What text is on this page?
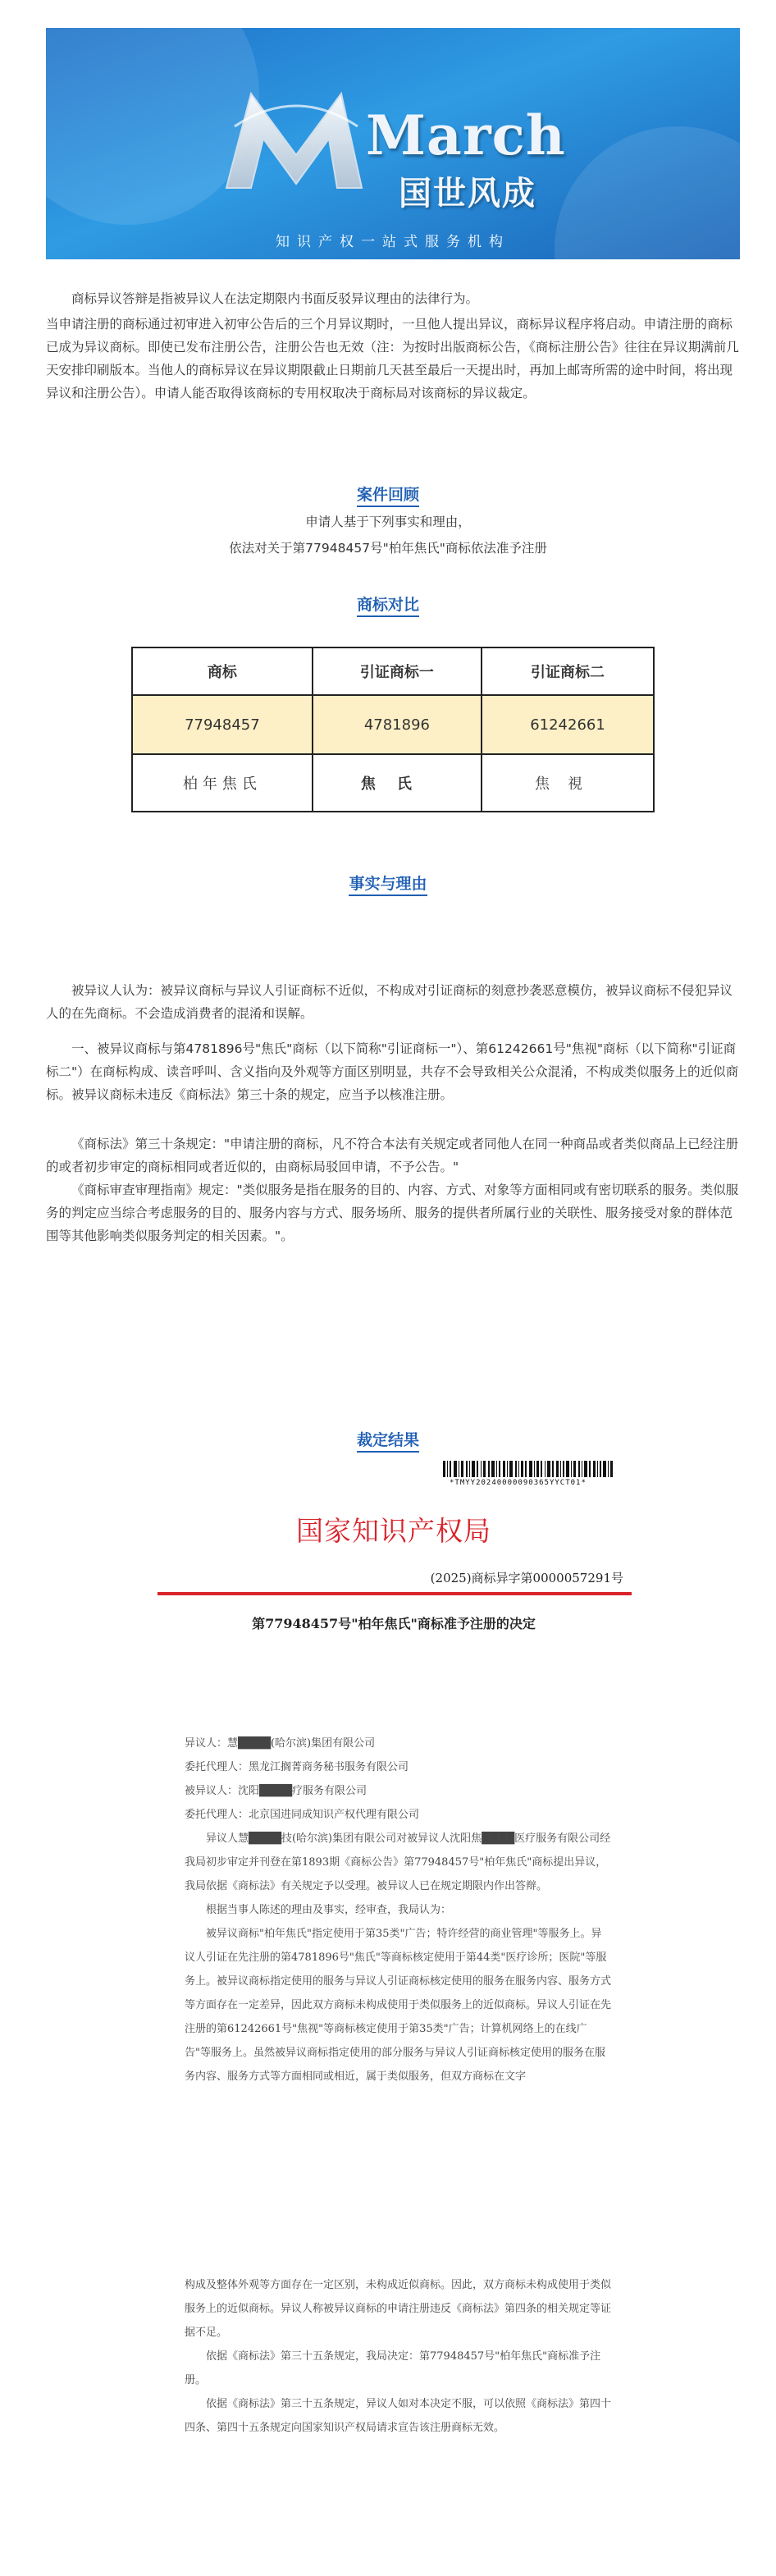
March
国世风成
知识产权一站式服务机构

商标异议答辩是指被异议人在法定期限内书面反驳异议理由的法律行为。

当申请注册的商标通过初审进入初审公告后的三个月异议期时，一旦他人提出异议，商标异议程序将启动。申请注册的商标已成为异议商标。即使已发布注册公告，注册公告也无效（注：为按时出版商标公告，《商标注册公告》往往在异议期满前几天安排印刷版本。当他人的商标异议在异议期限截止日期前几天甚至最后一天提出时，再加上邮寄所需的途中时间，将出现异议和注册公告）。申请人能否取得该商标的专用权取决于商标局对该商标的异议裁定。

案件回顾
申请人基于下列事实和理由，
依法对关于第77948457号"柏年焦氏"商标依法准予注册
商标对比
商标	引证商标一	引证商标二
77948457	4781896	61242661
柏年焦氏	焦氏	焦視
事实与理由

被异议人认为：被异议商标与异议人引证商标不近似，不构成对引证商标的刻意抄袭恶意模仿，被异议商标不侵犯异议人的在先商标。不会造成消费者的混淆和误解。

一、被异议商标与第4781896号"焦氏"商标（以下简称"引证商标一"）、第61242661号"焦视"商标（以下简称"引证商标二"）在商标构成、读音呼叫、含义指向及外观等方面区别明显，共存不会导致相关公众混淆，不构成类似服务上的近似商标。被异议商标未违反《商标法》第三十条的规定，应当予以核准注册。

《商标法》第三十条规定："申请注册的商标，凡不符合本法有关规定或者同他人在同一种商品或者类似商品上已经注册的或者初步审定的商标相同或者近似的，由商标局驳回申请，不予公告。"

《商标审查审理指南》规定："类似服务是指在服务的目的、内容、方式、对象等方面相同或有密切联系的服务。类似服务的判定应当综合考虑服务的目的、服务内容与方式、服务场所、服务的提供者所属行业的关联性、服务接受对象的群体范围等其他影响类似服务判定的相关因素。"。

裁定结果
*TMYY20240000090365YYCT01*
国家知识产权局
(2025)商标异字第0000057291号
第77948457号"柏年焦氏"商标准予注册的决定

异议人：慧████(哈尔滨)集团有限公司

委托代理人：黑龙江搁菁商务秘书服务有限公司

被异议人：沈阳████疗服务有限公司

委托代理人：北京国进同成知识产权代理有限公司

异议人慧████技(哈尔滨)集团有限公司对被异议人沈阳焦████医疗服务有限公司经我局初步审定并刊登在第1893期《商标公告》第77948457号"柏年焦氏"商标提出异议，我局依据《商标法》有关规定予以受理。被异议人已在规定期限内作出答辩。

根据当事人陈述的理由及事实，经审查，我局认为：

被异议商标"柏年焦氏"指定使用于第35类"广告；特许经营的商业管理"等服务上。异议人引证在先注册的第4781896号"焦氏"等商标核定使用于第44类"医疗诊所；医院"等服务上。被异议商标指定使用的服务与异议人引证商标核定使用的服务在服务内容、服务方式等方面存在一定差异，因此双方商标未构成使用于类似服务上的近似商标。异议人引证在先注册的第61242661号"焦视"等商标核定使用于第35类"广告；计算机网络上的在线广告"等服务上。虽然被异议商标指定使用的部分服务与异议人引证商标核定使用的服务在服务内容、服务方式等方面相同或相近，属于类似服务，但双方商标在文字

构成及整体外观等方面存在一定区别，未构成近似商标。因此，双方商标未构成使用于类似服务上的近似商标。异议人称被异议商标的申请注册违反《商标法》第四条的相关规定等证据不足。

依据《商标法》第三十五条规定，我局决定：第77948457号"柏年焦氏"商标准予注册。

依据《商标法》第三十五条规定，异议人如对本决定不服，可以依照《商标法》第四十四条、第四十五条规定向国家知识产权局请求宣告该注册商标无效。
